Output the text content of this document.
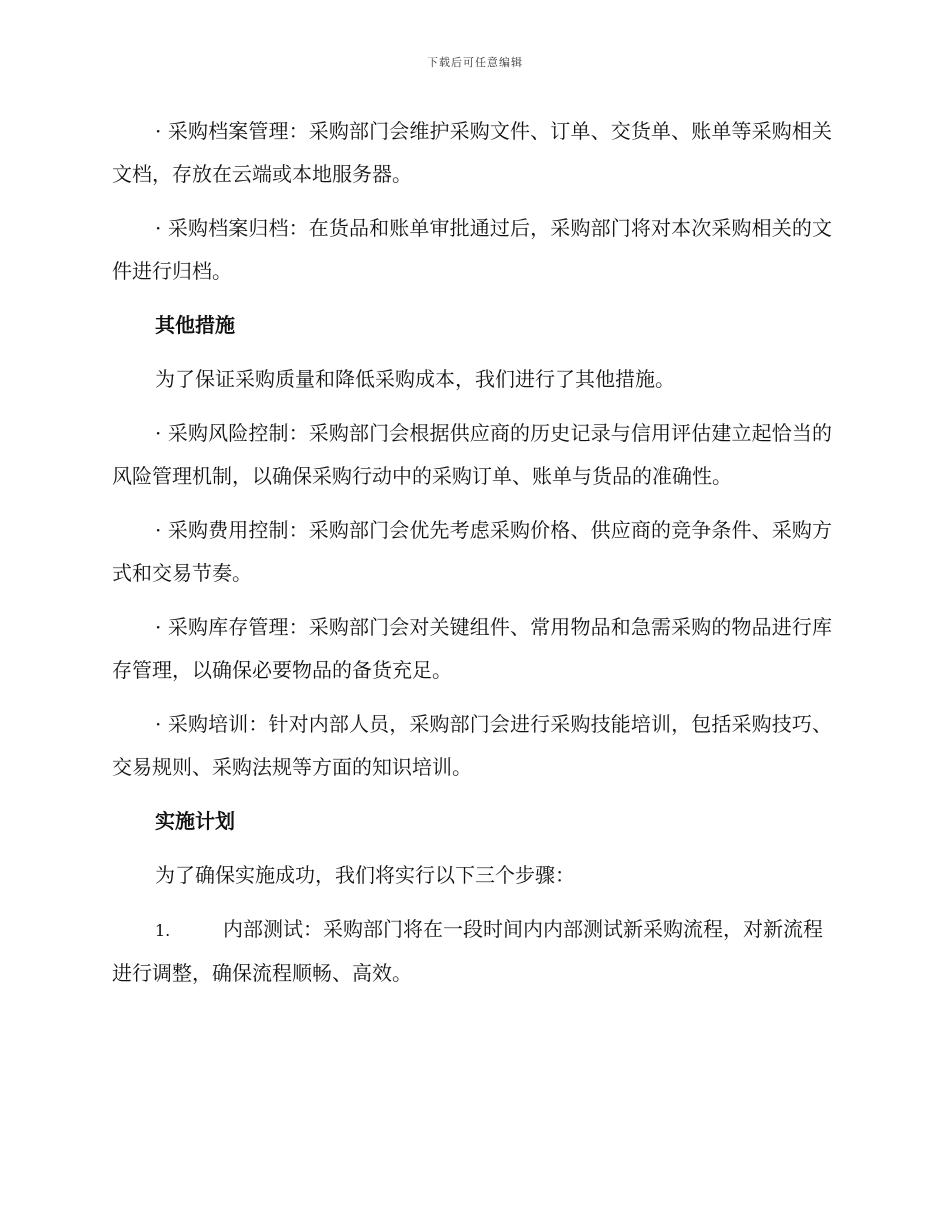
下载后可任意编辑

· 采购档案管理：采购部门会维护采购文件、订单、交货单、账单等采购相关文档，存放在云端或本地服务器。

· 采购档案归档：在货品和账单审批通过后，采购部门将对本次采购相关的文件进行归档。

其他措施

为了保证采购质量和降低采购成本，我们进行了其他措施。

· 采购风险控制：采购部门会根据供应商的历史记录与信用评估建立起恰当的风险管理机制，以确保采购行动中的采购订单、账单与货品的准确性。

· 采购费用控制：采购部门会优先考虑采购价格、供应商的竞争条件、采购方式和交易节奏。

· 采购库存管理：采购部门会对关键组件、常用物品和急需采购的物品进行库存管理，以确保必要物品的备货充足。

· 采购培训：针对内部人员，采购部门会进行采购技能培训，包括采购技巧、交易规则、采购法规等方面的知识培训。

实施计划

为了确保实施成功，我们将实行以下三个步骤：

1.	内部测试：采购部门将在一段时间内内部测试新采购流程，对新流程进行调整，确保流程顺畅、高效。
